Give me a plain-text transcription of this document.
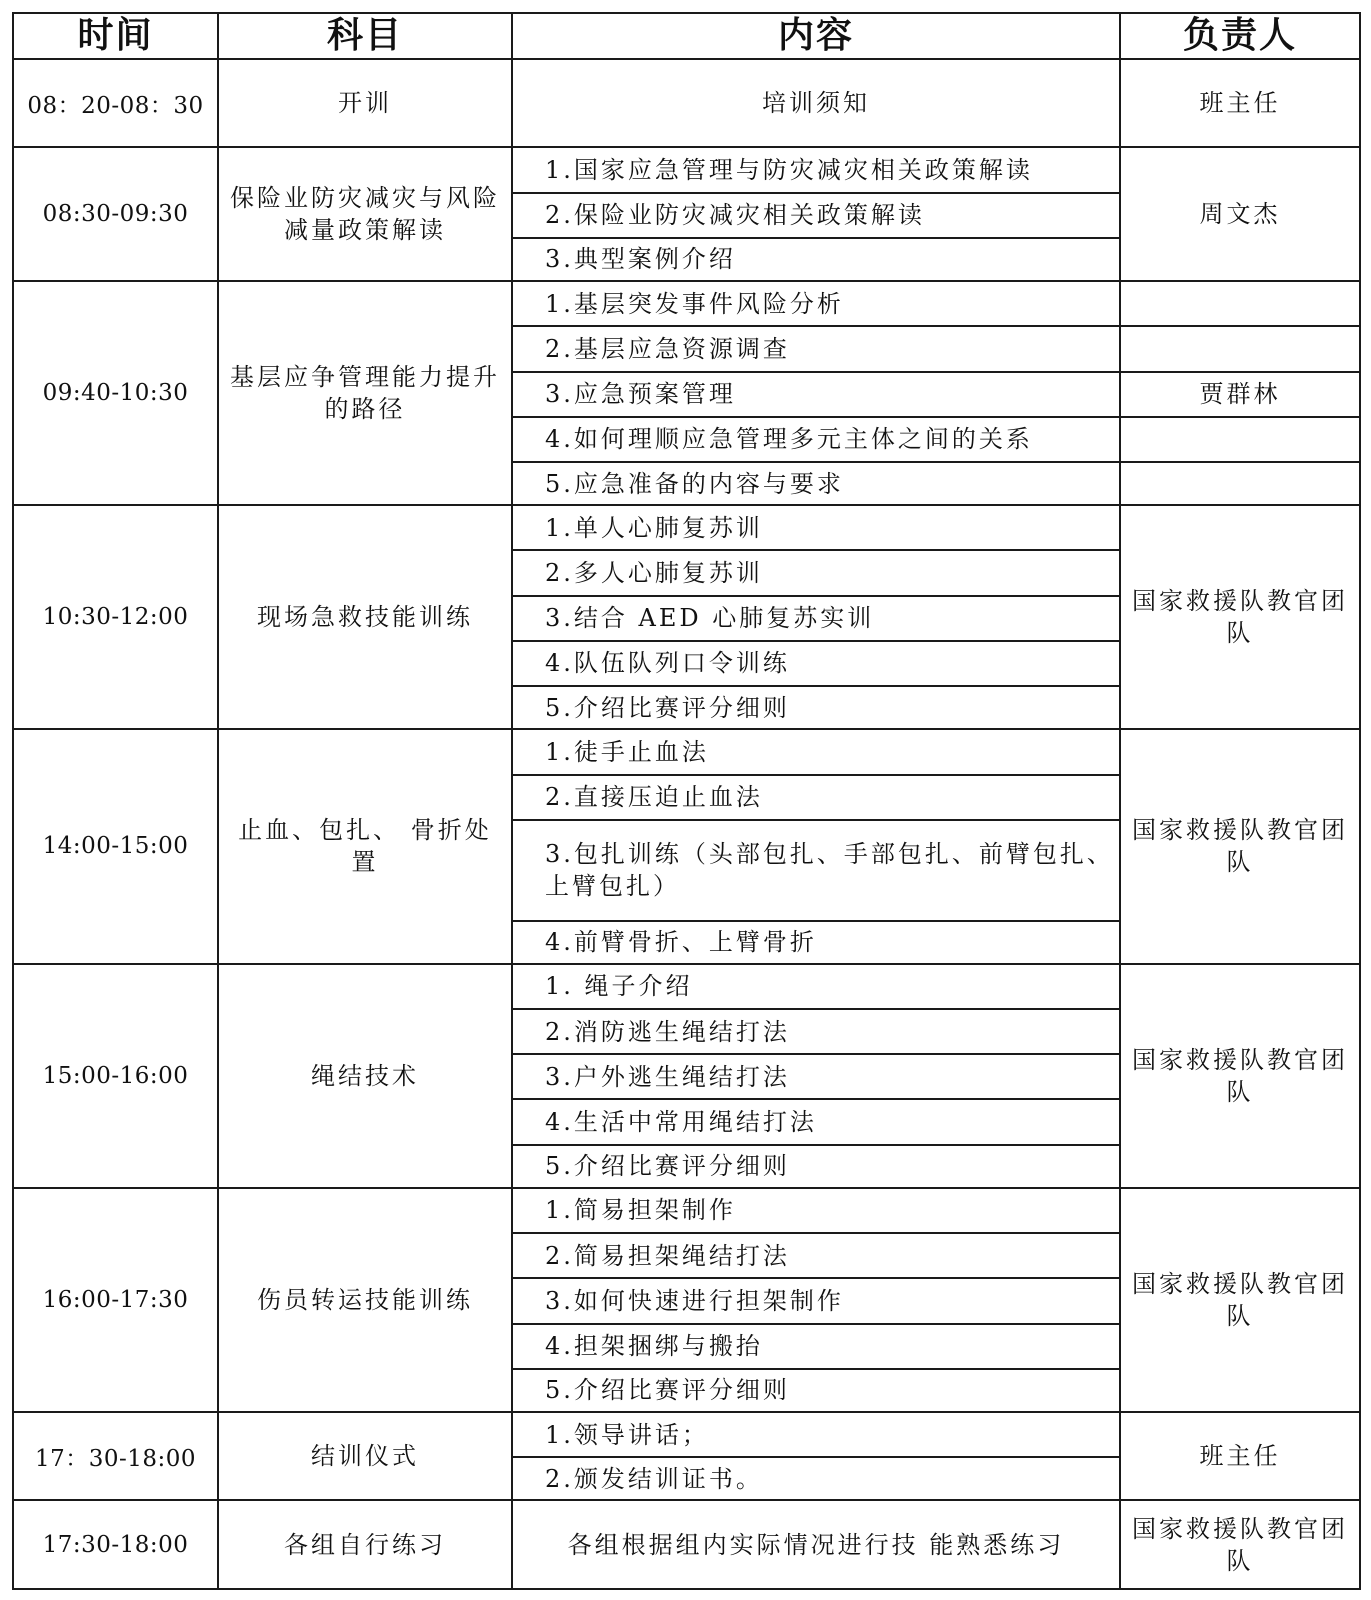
时间	科目	内容	负责人
08：20-08：30	开训	培训须知	班主任
08:30-09:30	保险业防灾减灾与风险减量政策解读	1.国家应急管理与防灾减灾相关政策解读	周文杰
		2.保险业防灾减灾相关政策解读	
		3.典型案例介绍	
09:40-10:30	基层应争管理能力提升的路径	1.基层突发事件风险分析	
		2.基层应急资源调查	
		3.应急预案管理	贾群林
		4.如何理顺应急管理多元主体之间的关系	
		5.应急准备的内容与要求	
10:30-12:00	现场急救技能训练	1.单人心肺复苏训	国家救援队教官团队
		2.多人心肺复苏训	
		3.结合 AED 心肺复苏实训	
		4.队伍队列口令训练	
		5.介绍比赛评分细则	
14:00-15:00	止血、包扎、 骨折处置	1.徒手止血法	国家救援队教官团队
		2.直接压迫止血法	
		3.包扎训练（头部包扎、手部包扎、前臂包扎、上臂包扎）	
		4.前臂骨折、上臂骨折	
15:00-16:00	绳结技术	1. 绳子介绍	国家救援队教官团队
		2.消防逃生绳结打法	
		3.户外逃生绳结打法	
		4.生活中常用绳结打法	
		5.介绍比赛评分细则	
16:00-17:30	伤员转运技能训练	1.简易担架制作	国家救援队教官团队
		2.简易担架绳结打法	
		3.如何快速进行担架制作	
		4.担架捆绑与搬抬	
		5.介绍比赛评分细则	
17：30-18:00	结训仪式	1.领导讲话；	班主任
		2.颁发结训证书。	
17:30-18:00	各组自行练习	各组根据组内实际情况进行技 能熟悉练习	国家救援队教官团队
